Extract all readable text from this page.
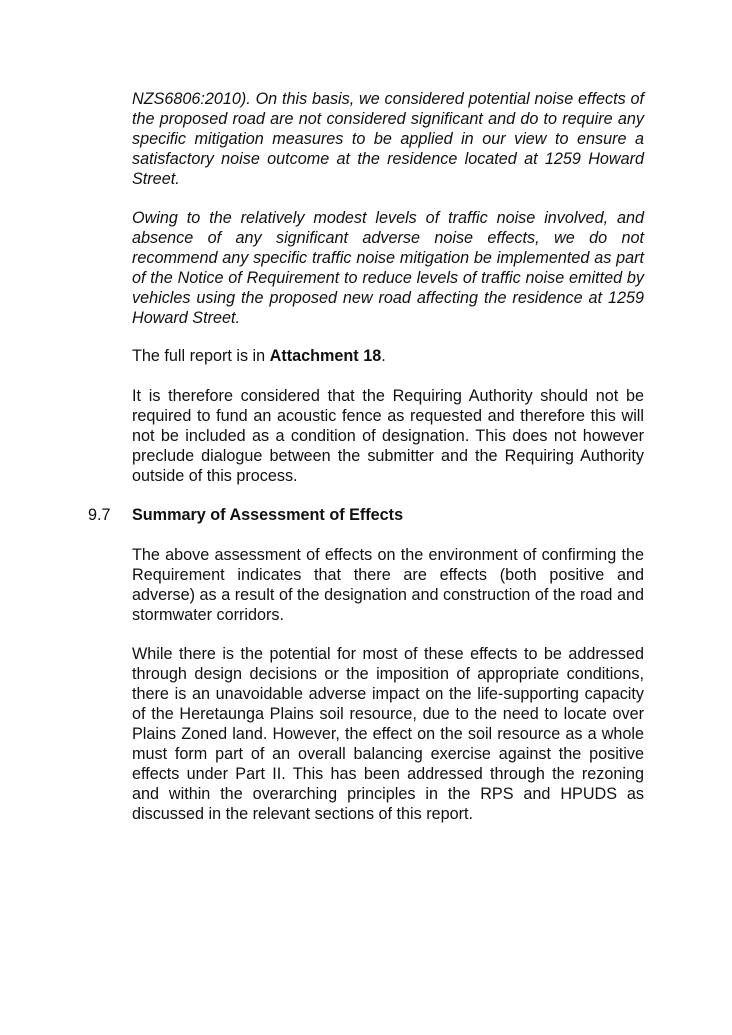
NZS6806:2010). On this basis, we considered potential noise effects of the proposed road are not considered significant and do to require any specific mitigation measures to be applied in our view to ensure a satisfactory noise outcome at the residence located at 1259 Howard Street.

Owing to the relatively modest levels of traffic noise involved, and absence of any significant adverse noise effects, we do not recommend any specific traffic noise mitigation be implemented as part of the Notice of Requirement to reduce levels of traffic noise emitted by vehicles using the proposed new road affecting the residence at 1259 Howard Street.

The full report is in Attachment 18.

It is therefore considered that the Requiring Authority should not be required to fund an acoustic fence as requested and therefore this will not be included as a condition of designation. This does not however preclude dialogue between the submitter and the Requiring Authority outside of this process.

9.7 Summary of Assessment of Effects

The above assessment of effects on the environment of confirming the Requirement indicates that there are effects (both positive and adverse) as a result of the designation and construction of the road and stormwater corridors.

While there is the potential for most of these effects to be addressed through design decisions or the imposition of appropriate conditions, there is an unavoidable adverse impact on the life-supporting capacity of the Heretaunga Plains soil resource, due to the need to locate over Plains Zoned land. However, the effect on the soil resource as a whole must form part of an overall balancing exercise against the positive effects under Part II. This has been addressed through the rezoning and within the overarching principles in the RPS and HPUDS as discussed in the relevant sections of this report.
